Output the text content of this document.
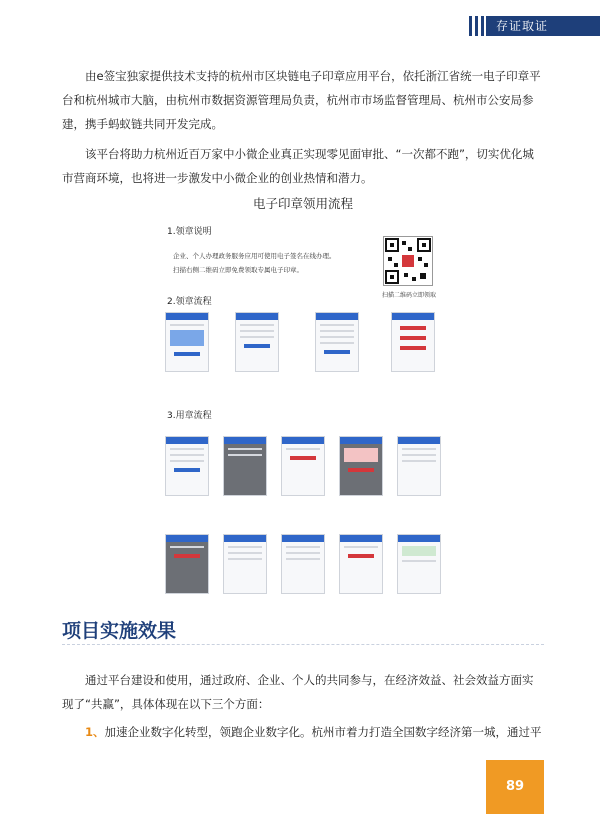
存证取证

由e签宝独家提供技术支持的杭州市区块链电子印章应用平台，依托浙江省统一电子印章平台和杭州城市大脑，由杭州市数据资源管理局负责，杭州市市场监督管理局、杭州市公安局参建，携手蚂蚁链共同开发完成。

该平台将助力杭州近百万家中小微企业真正实现零见面审批、“一次都不跑”，切实优化城市营商环境，也将进一步激发中小微企业的创业热情和潜力。

电子印章领用流程
1.领章说明
企业、个人办理政务服务应用可使用电子签名在线办理。
扫描右侧二维码立即免费领取专属电子印章。
扫描二维码立即领取
2.领章流程
3.用章流程
项目实施效果

通过平台建设和使用，通过政府、企业、个人的共同参与，在经济效益、社会效益方面实现了“共赢”，具体体现在以下三个方面：

1、加速企业数字化转型，领跑企业数字化。杭州市着力打造全国数字经济第一城，通过平

89
